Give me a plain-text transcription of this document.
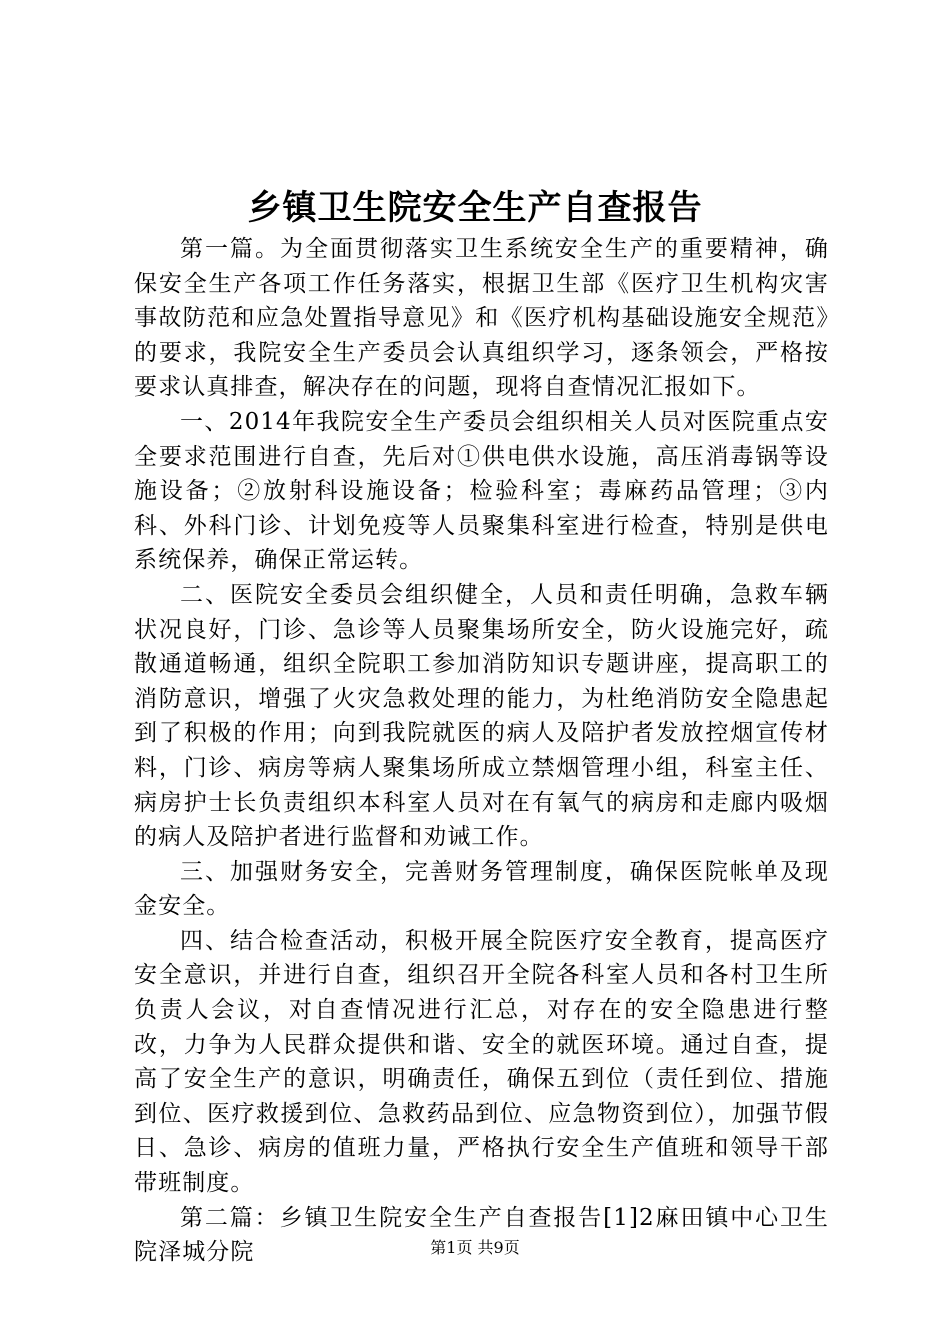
乡镇卫生院安全生产自查报告

第一篇。为全面贯彻落实卫生系统安全生产的重要精神，确保安全生产各项工作任务落实，根据卫生部《医疗卫生机构灾害事故防范和应急处置指导意见》和《医疗机构基础设施安全规范》的要求，我院安全生产委员会认真组织学习，逐条领会，严格按要求认真排查，解决存在的问题，现将自查情况汇报如下。

一、2014年我院安全生产委员会组织相关人员对医院重点安全要求范围进行自查，先后对①供电供水设施，高压消毒锅等设施设备；②放射科设施设备；检验科室；毒麻药品管理；③内科、外科门诊、计划免疫等人员聚集科室进行检查，特别是供电系统保养，确保正常运转。

二、医院安全委员会组织健全，人员和责任明确，急救车辆状况良好，门诊、急诊等人员聚集场所安全，防火设施完好，疏散通道畅通，组织全院职工参加消防知识专题讲座，提高职工的消防意识，增强了火灾急救处理的能力，为杜绝消防安全隐患起到了积极的作用；向到我院就医的病人及陪护者发放控烟宣传材料，门诊、病房等病人聚集场所成立禁烟管理小组，科室主任、病房护士长负责组织本科室人员对在有氧气的病房和走廊内吸烟的病人及陪护者进行监督和劝诫工作。

三、加强财务安全，完善财务管理制度，确保医院帐单及现金安全。

四、结合检查活动，积极开展全院医疗安全教育，提高医疗安全意识，并进行自查，组织召开全院各科室人员和各村卫生所负责人会议，对自查情况进行汇总，对存在的安全隐患进行整改，力争为人民群众提供和谐、安全的就医环境。通过自查，提高了安全生产的意识，明确责任，确保五到位（责任到位、措施到位、医疗救援到位、急救药品到位、应急物资到位），加强节假日、急诊、病房的值班力量，严格执行安全生产值班和领导干部带班制度。

第二篇：乡镇卫生院安全生产自查报告[1]2麻田镇中心卫生院泽城分院	第1页 共9页
